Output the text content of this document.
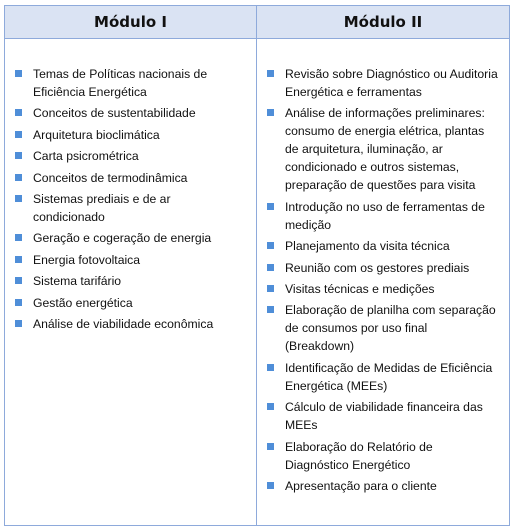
Módulo I	Módulo II
Temas de Políticas nacionais de Eficiência Energética
Conceitos de sustentabilidade
Arquitetura bioclimática
Carta psicrométrica
Conceitos de termodinâmica
Sistemas prediais e de ar condicionado
Geração e cogeração de energia
Energia fotovoltaica
Sistema tarifário
Gestão energética
Análise de viabilidade econômica
Revisão sobre Diagnóstico ou Auditoria Energética e ferramentas
Análise de informações preliminares: consumo de energia elétrica, plantas de arquitetura, iluminação, ar condicionado e outros sistemas, preparação de questões para visita
Introdução no uso de ferramentas de medição
Planejamento da visita técnica
Reunião com os gestores prediais
Visitas técnicas e medições
Elaboração de planilha com separação de consumos por uso final (Breakdown)
Identificação de Medidas de Eficiência Energética (MEEs)
Cálculo de viabilidade financeira das MEEs
Elaboração do Relatório de Diagnóstico Energético
Apresentação para o cliente
